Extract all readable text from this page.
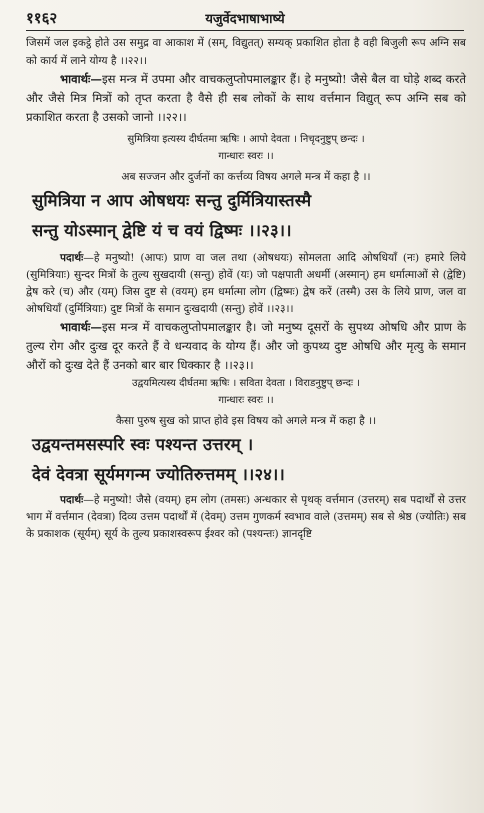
११६२	यजुर्वेदभाषाभाष्ये

जिसमें जल इकट्ठे होते उस समुद्र वा आकाश में (सम्, विद्युतत्) सम्यक् प्रकाशित होता है वही बिजुली रूप अग्नि सब को कार्य में लाने योग्य है ।।२२।।

भावार्थः—इस मन्त्र में उपमा और वाचकलुप्तोपमालङ्कार हैं। हे मनुष्यो! जैसे बैल वा घोड़े शब्द करते और जैसे मित्र मित्रों को तृप्त करता है वैसे ही सब लोकों के साथ वर्त्तमान विद्युत् रूप अग्नि सब को प्रकाशित करता है उसको जानो ।।२२।।

सुमित्रिया इत्यस्य दीर्घतमा ऋषिः । आपो देवता । निचृदनुष्टुप् छन्दः ।

गान्धारः स्वरः ।।

अब सज्जन और दुर्जनों का कर्त्तव्य विषय अगले मन्त्र में कहा है ।।

सुमित्रिया न आप ओषधयः सन्तु दुर्मित्रियास्तस्मै

सन्तु योऽस्मान् द्वेष्टि यं च वयं द्विष्मः ।।२३।।

पदार्थः—हे मनुष्यो! (आपः) प्राण वा जल तथा (ओषधयः) सोमलता आदि ओषधियाँ (नः) हमारे लिये (सुमित्रियाः) सुन्दर मित्रों के तुल्य सुखदायी (सन्तु) होवें (यः) जो पक्षपाती अधर्मी (अस्मान्) हम धर्मात्माओं से (द्वेष्टि) द्वेष करे (च) और (यम्) जिस दुष्ट से (वयम्) हम धर्मात्मा लोग (द्विष्मः) द्वेष करें (तस्मै) उस के लिये प्राण, जल वा ओषधियाँ (दुर्मित्रियाः) दुष्ट मित्रों के समान दुःखदायी (सन्तु) होवें ।।२३।।

भावार्थः—इस मन्त्र में वाचकलुप्तोपमालङ्कार है। जो मनुष्य दूसरों के सुपथ्य ओषधि और प्राण के तुल्य रोग और दुःख दूर करते हैं वे धन्यवाद के योग्य हैं। और जो कुपथ्य दुष्ट ओषधि और मृत्यु के समान औरों को दुःख देते हैं उनको बार बार धिक्कार है ।।२३।।

उद्वयमित्यस्य दीर्घतमा ऋषिः । सविता देवता । विराडनुष्टुप् छन्दः ।

गान्धारः स्वरः ।।

कैसा पुरुष सुख को प्राप्त होवे इस विषय को अगले मन्त्र में कहा है ।।

उद्वयन्तमसस्परि स्वः पश्यन्त उत्तरम् ।

देवं देवत्रा सूर्यमगन्म ज्योतिरुत्तमम् ।।२४।।

पदार्थः—हे मनुष्यो! जैसे (वयम्) हम लोग (तमसः) अन्धकार से पृथक् वर्त्तमान (उत्तरम्) सब पदार्थों से उत्तर भाग में वर्त्तमान (देवत्रा) दिव्य उत्तम पदार्थों में (देवम्) उत्तम गुणकर्म स्वभाव वाले (उत्तमम्) सब से श्रेष्ठ (ज्योतिः) सब के प्रकाशक (सूर्यम्) सूर्य के तुल्य प्रकाशस्वरूप ईश्वर को (पश्यन्तः) ज्ञानदृष्टि
